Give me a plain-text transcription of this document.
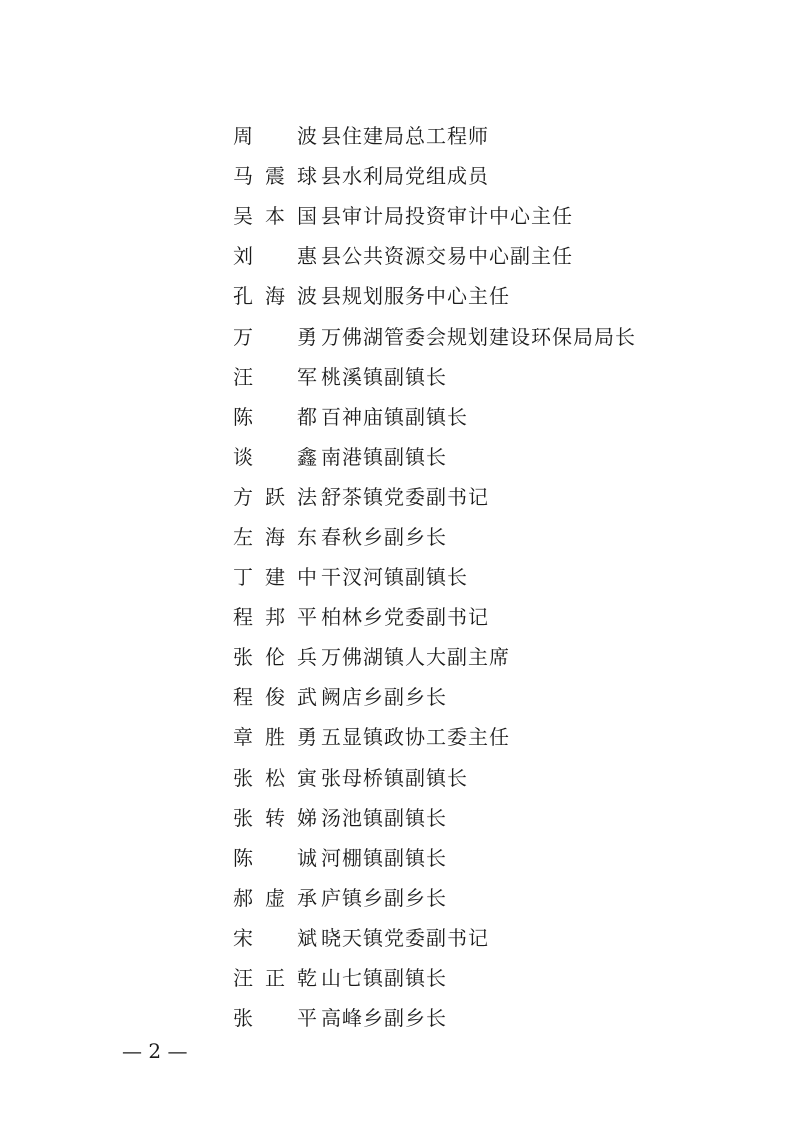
周波 县住建局总工程师
马震球 县水利局党组成员
吴本国 县审计局投资审计中心主任
刘惠 县公共资源交易中心副主任
孔海波 县规划服务中心主任
万勇 万佛湖管委会规划建设环保局局长
汪军 桃溪镇副镇长
陈都 百神庙镇副镇长
谈鑫 南港镇副镇长
方跃法 舒茶镇党委副书记
左海东 春秋乡副乡长
丁建中 干汊河镇副镇长
程邦平 柏林乡党委副书记
张伦兵 万佛湖镇人大副主席
程俊武 阙店乡副乡长
章胜勇 五显镇政协工委主任
张松寅 张母桥镇副镇长
张转娣 汤池镇副镇长
陈诚 河棚镇副镇长
郝虚承 庐镇乡副乡长
宋斌 晓天镇党委副书记
汪正乾 山七镇副镇长
张平 高峰乡副乡长
— 2 —
